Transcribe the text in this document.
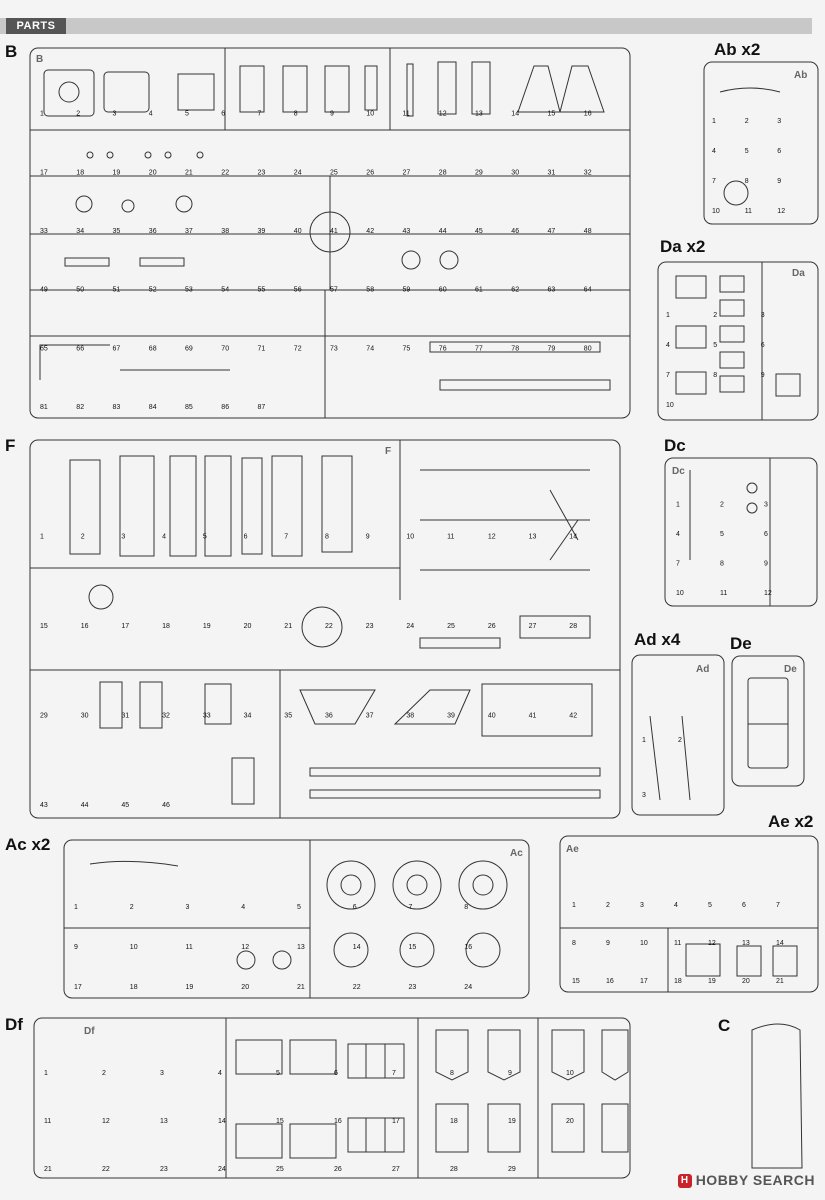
PARTS
B	Ab x2
Da x2
F	Dc
Ad x4	De
Ac x2
Ae x2
Df	C
B
F
Ab
Da
Dc
Ad	De
Ac	Ae
Df
1	2	3	4	5	6	7	8	9	10	11	12	13	14	15	16
17	18	19	20	21	22	23	24	25	26	27	28	29	30	31	32
33	34	35	36	37	38	39	40	41	42	43	44	45	46	47	48
49	50	51	52	53	54	55	56	57	58	59	60	61	62	63	64
65	66	67	68	69	70	71	72	73	74	75	76	77	78	79	80
81	82	83	84	85	86	87
1	2	3	4	5	6	7	8	9	10	11	12	13	14
15	16	17	18	19	20	21	22	23	24	25	26	27	28
29	30	31	32	33	34	35	36	37	38	39	40	41	42
43	44	45	46
1	2	3
4	5	6
7	8	9
10	11	12
1	2	3
4	5	6
7	8	9
10
1	2	3
4	5	6
7	8	9
10	11	12
1	2
3
1	2	3	4	5	6	7	8
9	10	11	12	13	14	15	16
17	18	19	20	21	22	23	24
1	2	3	4	5	6	7
8	9	10	11	12	13	14
15	16	17	18	19	20	21
1	2	3	4	5	6	7	8	9	10
11	12	13	14	15	16	17	18	19	20
21	22	23	24	25	26	27	28	29
H HOBBY SEARCH
